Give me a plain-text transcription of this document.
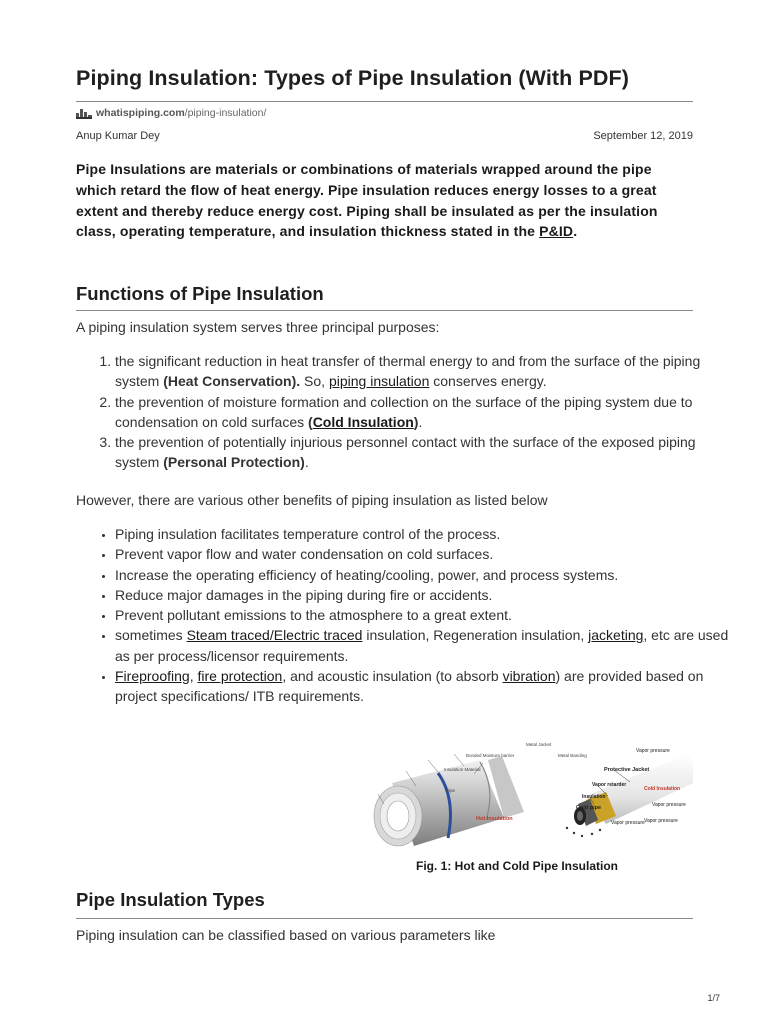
Piping Insulation: Types of Pipe Insulation (With PDF)
whatispiping.com /piping-insulation/
Anup Kumar Dey	September 12, 2019
Pipe Insulations are materials or combinations of materials wrapped around the pipe which retard the flow of heat energy. Pipe insulation reduces energy losses to a great extent and thereby reduce energy cost. Piping shall be insulated as per the insulation class, operating temperature, and insulation thickness stated in the P&ID.
Functions of Pipe Insulation
A piping insulation system serves three principal purposes:
1. the significant reduction in heat transfer of thermal energy to and from the surface of the piping system (Heat Conservation). So, piping insulation conserves energy.
2. the prevention of moisture formation and collection on the surface of the piping system due to condensation on cold surfaces (Cold Insulation).
3. the prevention of potentially injurious personnel contact with the surface of the exposed piping system (Personal Protection).
However, there are various other benefits of piping insulation as listed below
• Piping insulation facilitates temperature control of the process.
• Prevent vapor flow and water condensation on cold surfaces.
• Increase the operating efficiency of heating/cooling, power, and process systems.
• Reduce major damages in the piping during fire or accidents.
• Prevent pollutant emissions to the atmosphere to a great extent.
• sometimes Steam traced/Electric traced insulation, Regeneration insulation, jacketing, etc are used as per process/licensor requirements.
• Fireproofing, fire protection, and acoustic insulation (to absorb vibration) are provided based on project specifications/ ITB requirements.
Metal Jacket
Bonded Moisture barrier	Metal Banding
Insulation Material
Pipe
Hot Insulation
Vapor pressure
Protective Jacket
Vapor retarder
Cold Insulation
Insulation
Cold pipe	Vapor pressure
Vapor pressure Vapor pressure
Fig. 1: Hot and Cold Pipe Insulation
Pipe Insulation Types
Piping insulation can be classified based on various parameters like
1/7
